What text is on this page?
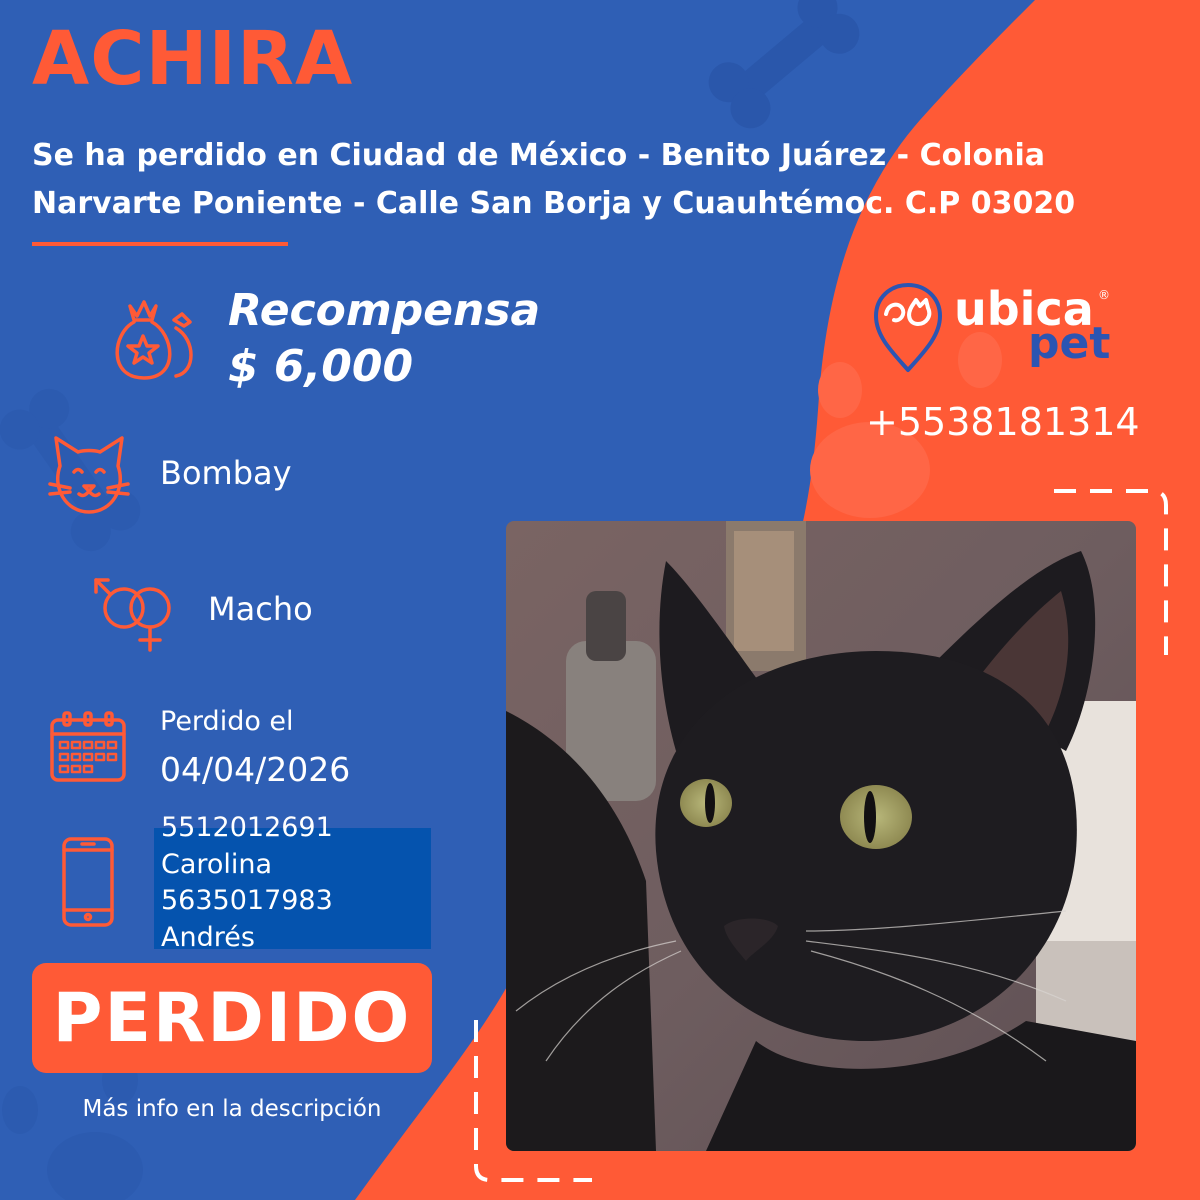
ACHIRA

Se ha perdido en Ciudad de México - Benito Juárez - Colonia Narvarte Poniente - Calle San Borja y Cuauhtémoc. C.P 03020

Recompensa
$ 6,000
Bombay
Macho
Perdido el
04/04/2026
5512012691
Carolina
5635017983
Andrés
PERDIDO
Más info en la descripción
ubica ®
pet
+5538181314
